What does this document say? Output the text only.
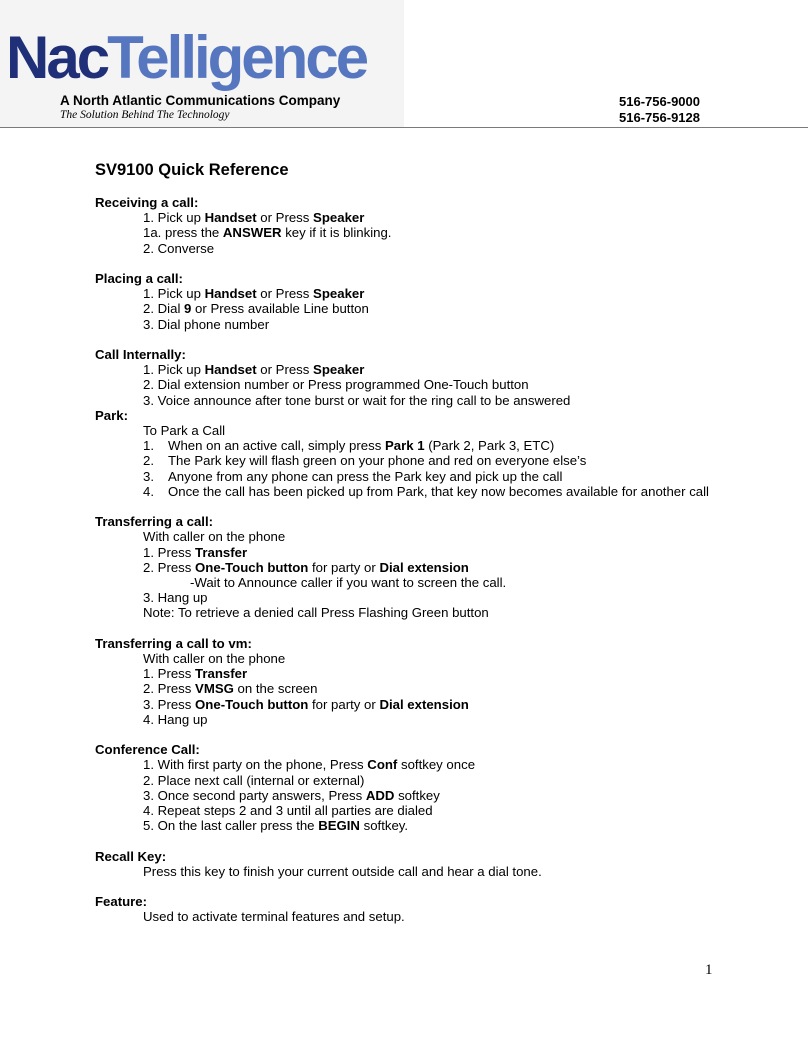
NacTelligence
A North Atlantic Communications Company
The Solution Behind The Technology
516-756-9000
516-756-9128
SV9100 Quick Reference
Receiving a call:
1. Pick up Handset or Press Speaker
1a. press the ANSWER key if it is blinking.
2. Converse
Placing a call:
1. Pick up Handset or Press Speaker
2. Dial 9 or Press available Line button
3. Dial phone number
Call Internally:
1. Pick up Handset or Press Speaker
2. Dial extension number or Press programmed One-Touch button
3. Voice announce after tone burst or wait for the ring call to be answered
Park:
To Park a Call
1.	When on an active call, simply press Park 1 (Park 2, Park 3, ETC)
2.	The Park key will flash green on your phone and red on everyone else’s
3.	Anyone from any phone can press the Park key and pick up the call
4.	Once the call has been picked up from Park, that key now becomes available for another call
Transferring a call:
With caller on the phone
1. Press Transfer
2. Press One-Touch button for party or Dial extension
-Wait to Announce caller if you want to screen the call.
3. Hang up
Note: To retrieve a denied call Press Flashing Green button
Transferring a call to vm:
With caller on the phone
1. Press Transfer
2. Press VMSG on the screen
3. Press One-Touch button for party or Dial extension
4. Hang up
Conference Call:
1. With first party on the phone, Press Conf softkey once
2. Place next call (internal or external)
3. Once second party answers, Press ADD softkey
4. Repeat steps 2 and 3 until all parties are dialed
5. On the last caller press the BEGIN softkey.
Recall Key:
Press this key to finish your current outside call and hear a dial tone.
Feature:
Used to activate terminal features and setup.
1
